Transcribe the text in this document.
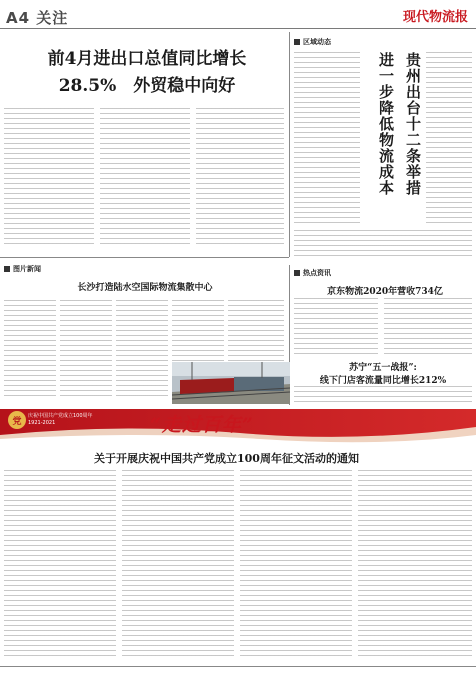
A4 关注	现代物流报
前4月进出口总值同比增长
28.5%　外贸稳中向好
区域动态
贵州出台十二条举措
进一步降低物流成本
图片新闻
长沙打造陆水空国际物流集散中心
热点资讯
京东物流2020年营收734亿
苏宁“五一战报”:
线下门店客流量同比增长212%
党
庆祝中国共产党成立100周年
1921-2021	“走过百年”
关于开展庆祝中国共产党成立100周年征文活动的通知
